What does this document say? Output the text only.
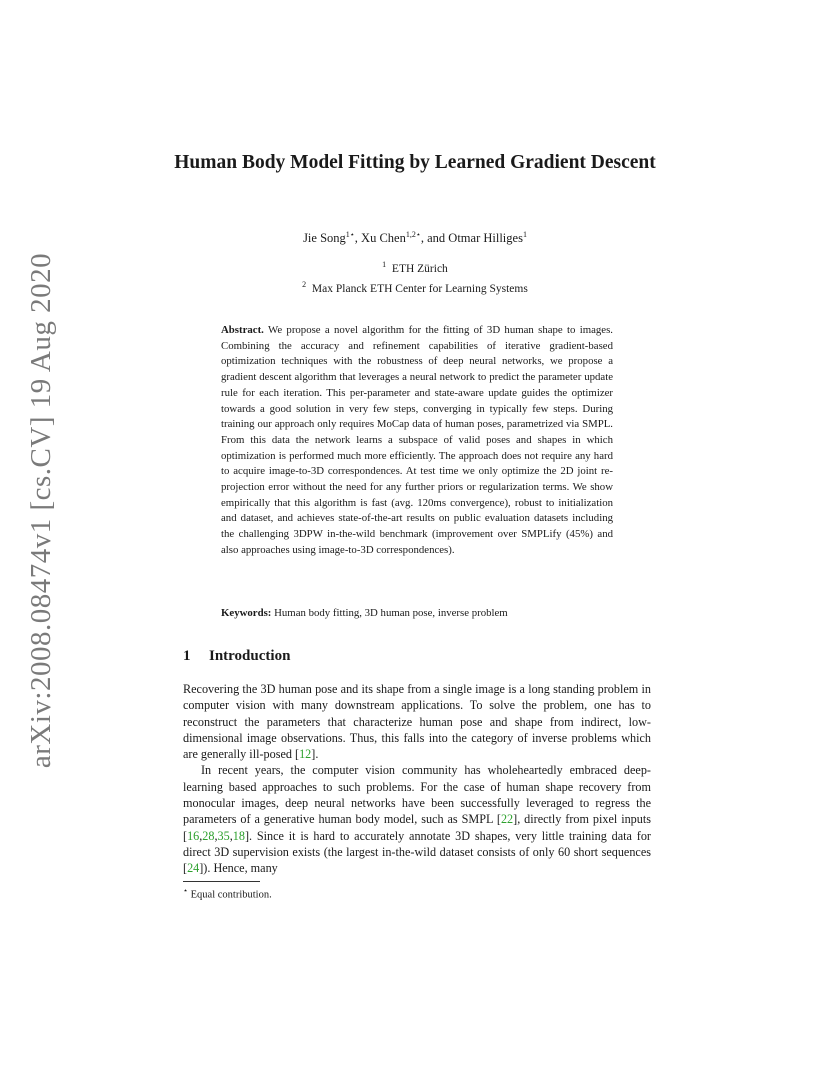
arXiv:2008.08474v1 [cs.CV] 19 Aug 2020
Human Body Model Fitting by Learned Gradient Descent
Jie Song$^{1⋆}$, Xu Chen$^{1,2⋆}$, and Otmar Hilliges$^1$
$^1$ ETH Zürich
$^2$ Max Planck ETH Center for Learning Systems
Abstract. We propose a novel algorithm for the fitting of 3D human shape to images. Combining the accuracy and refinement capabilities of iterative gradient-based optimization techniques with the robustness of deep neural networks, we propose a gradient descent algorithm that leverages a neural network to predict the parameter update rule for each iteration. This per-parameter and state-aware update guides the optimizer towards a good solution in very few steps, converging in typically few steps. During training our approach only requires MoCap data of human poses, parametrized via SMPL. From this data the network learns a subspace of valid poses and shapes in which optimization is performed much more efficiently. The approach does not require any hard to acquire image-to-3D correspondences. At test time we only optimize the 2D joint re-projection error without the need for any further priors or regularization terms. We show empirically that this algorithm is fast (avg. 120ms convergence), robust to initialization and dataset, and achieves state-of-the-art results on public evaluation datasets including the challenging 3DPW in-the-wild benchmark (improvement over SMPLify (45%) and also approaches using image-to-3D correspondences).
Keywords: Human body fitting, 3D human pose, inverse problem
1 Introduction

Recovering the 3D human pose and its shape from a single image is a long standing problem in computer vision with many downstream applications. To solve the problem, one has to reconstruct the parameters that characterize human pose and shape from indirect, low-dimensional image observations. Thus, this falls into the category of inverse problems which are generally ill-posed [12].

In recent years, the computer vision community has wholeheartedly embraced deep-learning based approaches to such problems. For the case of human shape recovery from monocular images, deep neural networks have been successfully leveraged to regress the parameters of a generative human body model, such as SMPL [22], directly from pixel inputs [16,28,35,18]. Since it is hard to accurately annotate 3D shapes, very little training data for direct 3D supervision exists (the largest in-the-wild dataset consists of only 60 short sequences [24]). Hence, many

⋆ Equal contribution.
